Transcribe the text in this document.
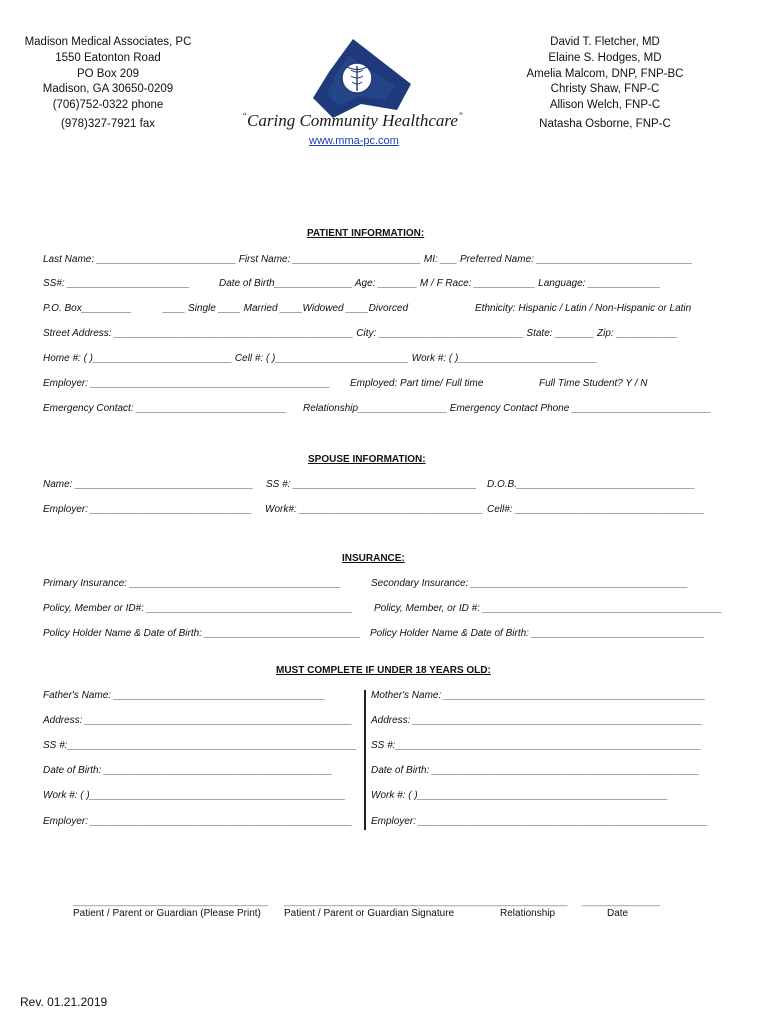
Madison Medical Associates, PC
1550 Eatonton Road
PO Box 209
Madison, GA 30650-0209
(706)752-0322 phone
(978)327-7921 fax
“Caring Community Healthcare”
www.mma-pc.com
David T. Fletcher, MD
Elaine S. Hodges, MD
Amelia Malcom, DNP, FNP-BC
Christy Shaw, FNP-C
Allison Welch, FNP-C
Natasha Osborne, FNP-C
PATIENT INFORMATION:
Last Name: _________________________ First Name: _______________________ MI: ___ Preferred Name: ____________________________
SS#: ______________________	Date of Birth______________ Age: _______ M / F Race: ___________ Language: _____________
P.O. Box_________	____ Single ____ Married ____Widowed ____Divorced	Ethnicity: Hispanic / Latin / Non-Hispanic or Latin
Street Address: ___________________________________________ City: __________________________ State: _______ Zip: ___________
Home #: ( )_________________________ Cell #: ( )________________________ Work #: ( )_________________________
Employer: ___________________________________________ Employed: Part time/ Full time	Full Time Student? Y / N
Emergency Contact: ___________________________ Relationship________________ Emergency Contact Phone _________________________
SPOUSE INFORMATION:
Name: ________________________________ SS #: _________________________________ D.O.B.________________________________
Employer: _____________________________ Work#: _________________________________ Cell#: __________________________________
INSURANCE:
Primary Insurance: ______________________________________	Secondary Insurance: _______________________________________
Policy, Member or ID#: _____________________________________ Policy, Member, or ID #: ___________________________________________
Policy Holder Name & Date of Birth: ____________________________ Policy Holder Name & Date of Birth: _______________________________
MUST COMPLETE IF UNDER 18 YEARS OLD:
Father's Name: ______________________________________
Address: ________________________________________________
SS #:____________________________________________________
Date of Birth: _________________________________________
Work #: ( )______________________________________________
Employer: _______________________________________________
Mother's Name: _______________________________________________
Address: ____________________________________________________
SS #:_______________________________________________________
Date of Birth: ________________________________________________
Work #: ( )_____________________________________________
Employer: ____________________________________________________
___________________________________
Patient / Parent or Guardian (Please Print)
____________________________________
Patient / Parent or Guardian Signature
_______________
Relationship
______________
Date
Rev. 01.21.2019
